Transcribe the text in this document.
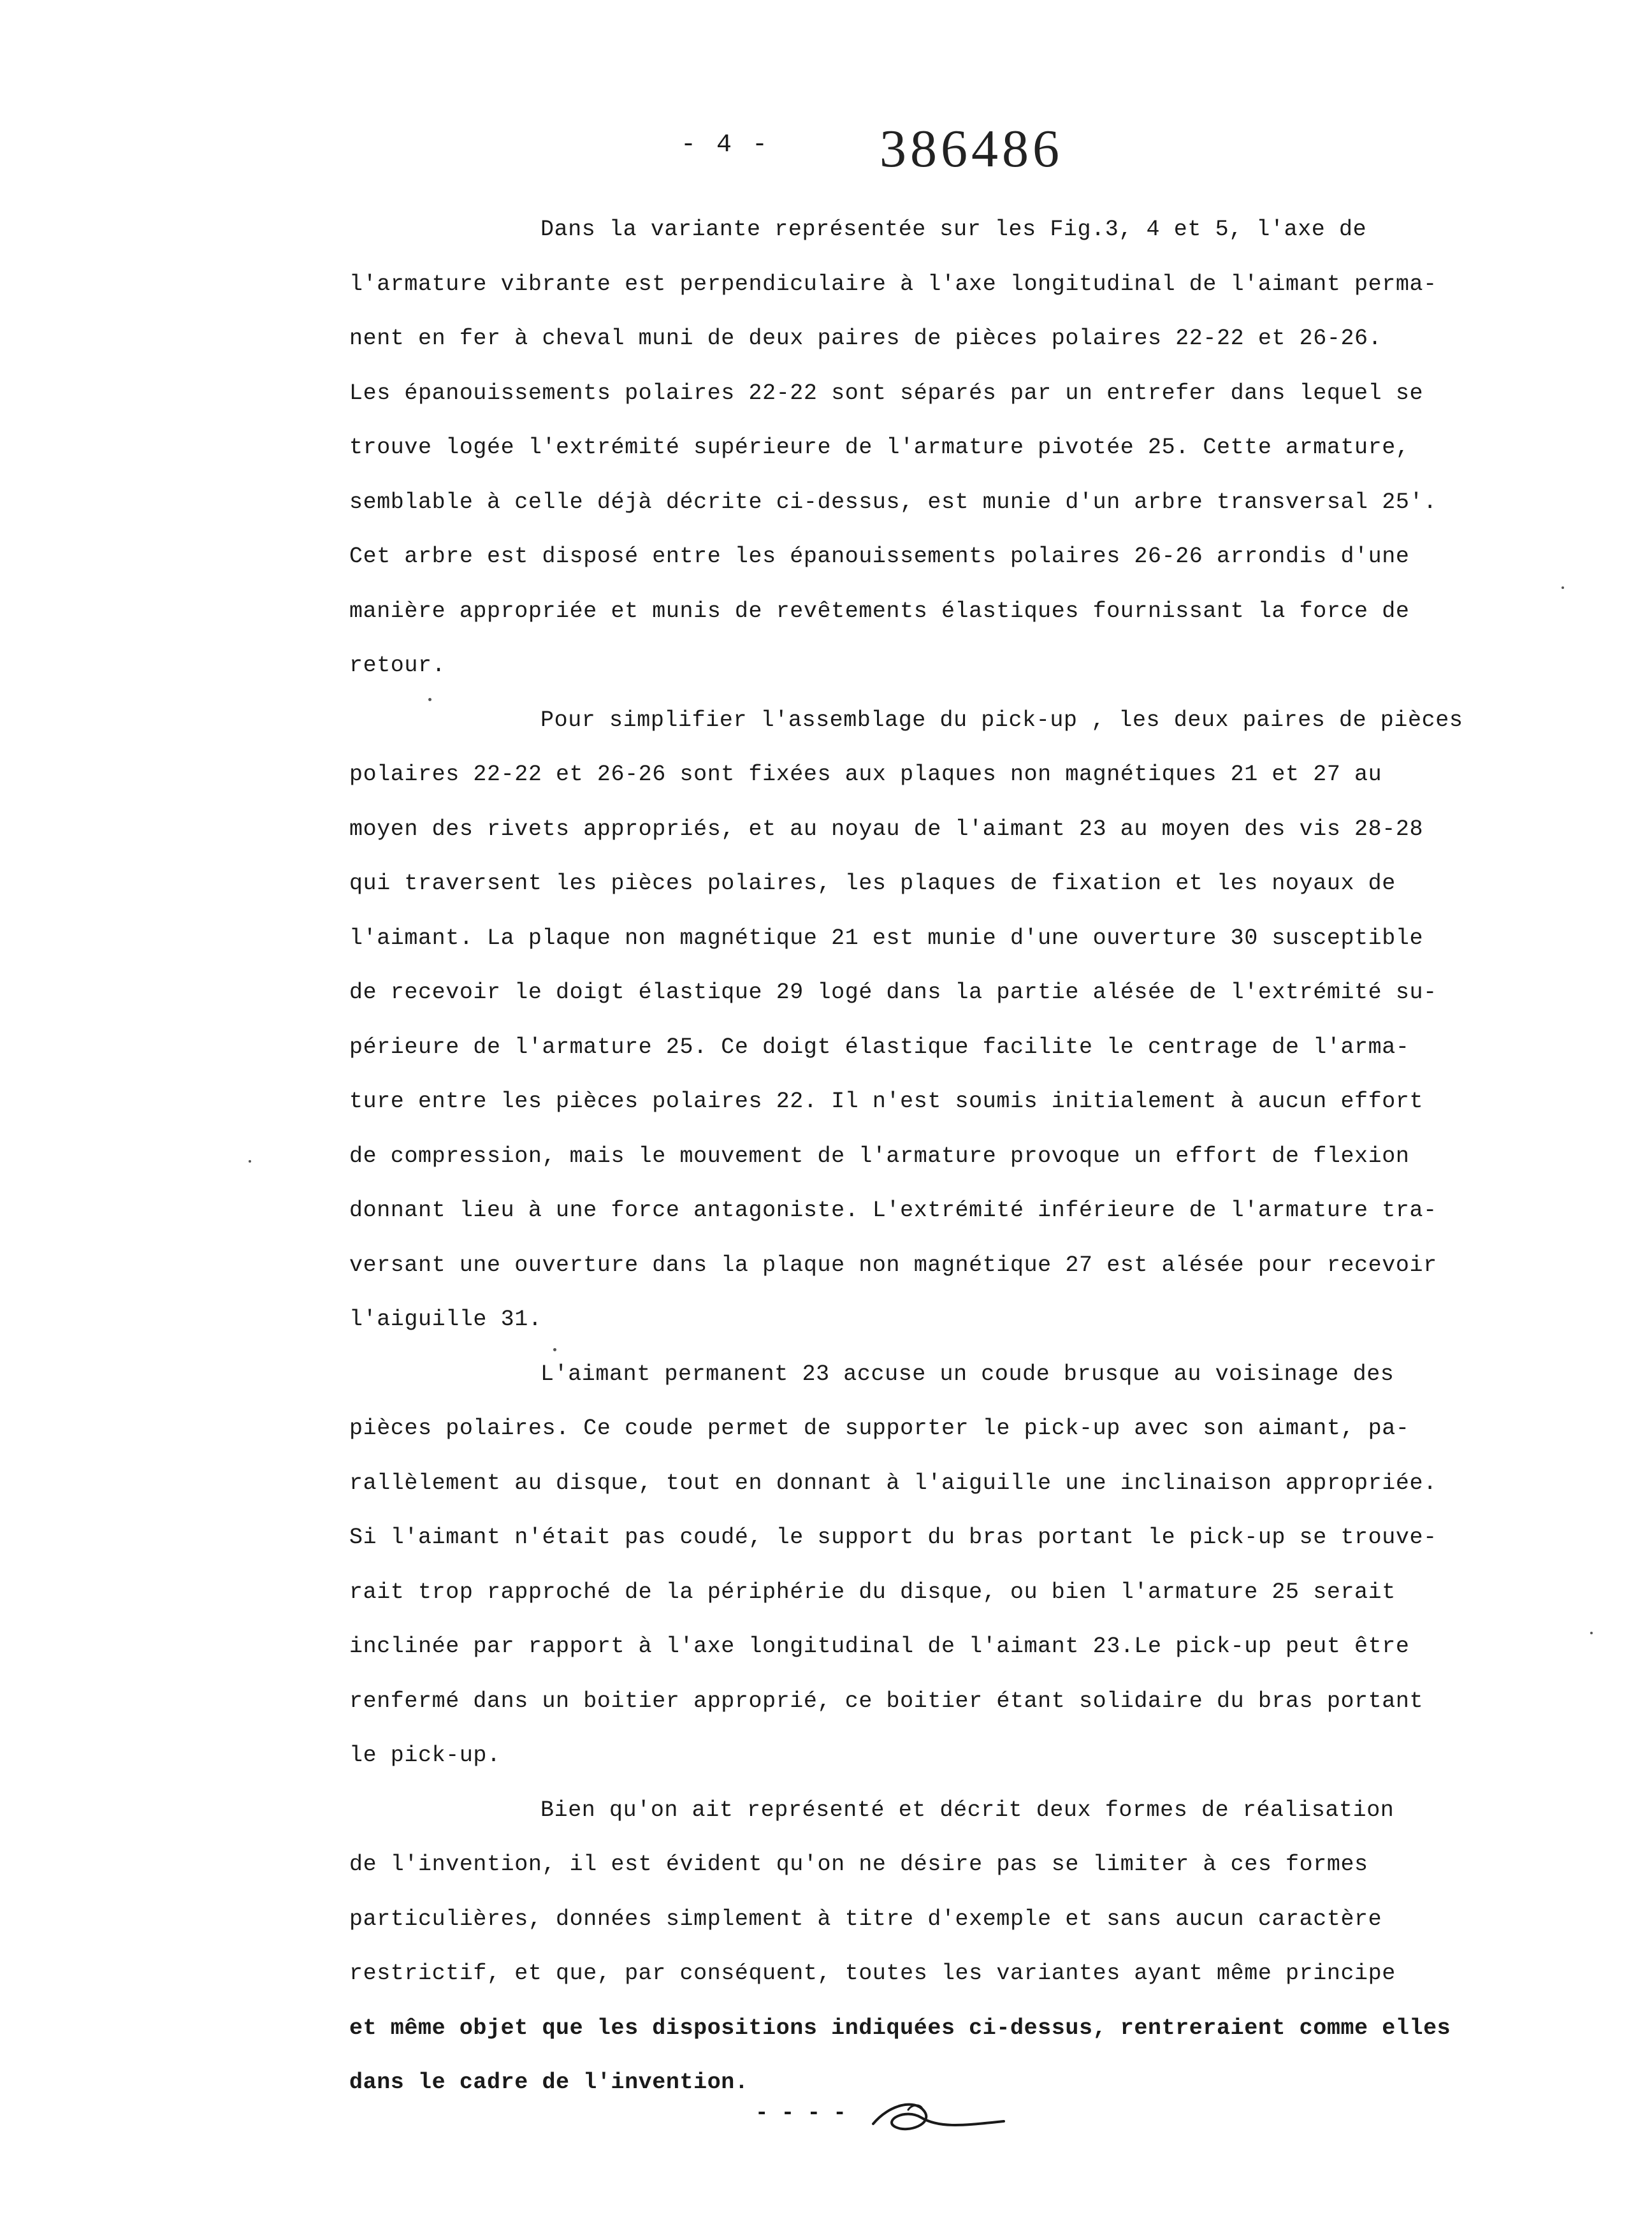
- 4 - 386486
Dans la variante représentée sur les Fig.3, 4 et 5, l'axe de
l'armature vibrante est perpendiculaire à l'axe longitudinal de l'aimant perma-
nent en fer à cheval muni de deux paires de pièces polaires 22-22 et 26-26.
Les épanouissements polaires 22-22 sont séparés par un entrefer dans lequel se
trouve logée l'extrémité supérieure de l'armature pivotée 25. Cette armature,
semblable à celle déjà décrite ci-dessus, est munie d'un arbre transversal 25'.
Cet arbre est disposé entre les épanouissements polaires 26-26 arrondis d'une
manière appropriée et munis de revêtements élastiques fournissant la force de
retour.
Pour simplifier l'assemblage du pick-up , les deux paires de pièces
polaires 22-22 et 26-26 sont fixées aux plaques non magnétiques 21 et 27 au
moyen des rivets appropriés, et au noyau de l'aimant 23 au moyen des vis 28-28
qui traversent les pièces polaires, les plaques de fixation et les noyaux de
l'aimant. La plaque non magnétique 21 est munie d'une ouverture 30 susceptible
de recevoir le doigt élastique 29 logé dans la partie alésée de l'extrémité su-
périeure de l'armature 25. Ce doigt élastique facilite le centrage de l'arma-
ture entre les pièces polaires 22. Il n'est soumis initialement à aucun effort
de compression, mais le mouvement de l'armature provoque un effort de flexion
donnant lieu à une force antagoniste. L'extrémité inférieure de l'armature tra-
versant une ouverture dans la plaque non magnétique 27 est alésée pour recevoir
l'aiguille 31.
L'aimant permanent 23 accuse un coude brusque au voisinage des
pièces polaires. Ce coude permet de supporter le pick-up avec son aimant, pa-
rallèlement au disque, tout en donnant à l'aiguille une inclinaison appropriée.
Si l'aimant n'était pas coudé, le support du bras portant le pick-up se trouve-
rait trop rapproché de la périphérie du disque, ou bien l'armature 25 serait
inclinée par rapport à l'axe longitudinal de l'aimant 23.Le pick-up peut être
renfermé dans un boitier approprié, ce boitier étant solidaire du bras portant
le pick-up.
Bien qu'on ait représenté et décrit deux formes de réalisation
de l'invention, il est évident qu'on ne désire pas se limiter à ces formes
particulières, données simplement à titre d'exemple et sans aucun caractère
restrictif, et que, par conséquent, toutes les variantes ayant même principe
et même objet que les dispositions indiquées ci-dessus, rentreraient comme elles
dans le cadre de l'invention.
- - - -
